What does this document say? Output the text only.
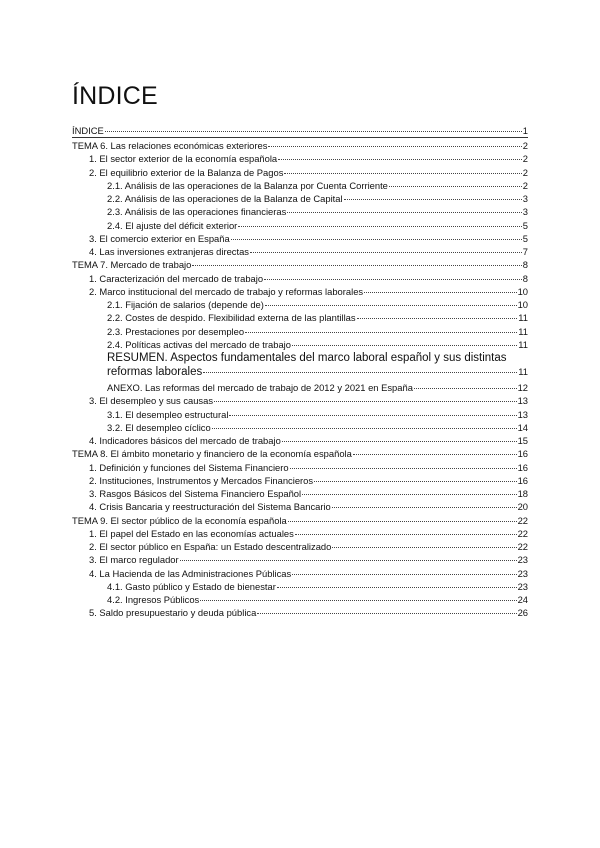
ÍNDICE
ÍNDICE	1
TEMA 6. Las relaciones económicas exteriores	2
1. El sector exterior de la economía española	2
2. El equilibrio exterior de la Balanza de Pagos	2
2.1. Análisis de las operaciones de la Balanza por Cuenta Corriente	2
2.2. Análisis de las operaciones de la Balanza de Capital	3
2.3. Análisis de las operaciones financieras	3
2.4. El ajuste del déficit exterior	5
3. El comercio exterior en España	5
4. Las inversiones extranjeras directas	7
TEMA 7. Mercado de trabajo	8
1. Caracterización del mercado de trabajo	8
2. Marco institucional del mercado de trabajo y reformas laborales	10
2.1. Fijación de salarios (depende de)	10
2.2. Costes de despido. Flexibilidad externa de las plantillas	11
2.3. Prestaciones por desempleo	11
2.4. Políticas activas del mercado de trabajo	11
RESUMEN. Aspectos fundamentales del marco laboral español y sus distintas
reformas laborales	11
ANEXO. Las reformas del mercado de trabajo de 2012 y 2021 en España	12
3. El desempleo y sus causas	13
3.1. El desempleo estructural	13
3.2. El desempleo cíclico	14
4. Indicadores básicos del mercado de trabajo	15
TEMA 8. El ámbito monetario y financiero de la economía española	16
1. Definición y funciones del Sistema Financiero	16
2. Instituciones, Instrumentos y Mercados Financieros	16
3. Rasgos Básicos del Sistema Financiero Español	18
4. Crisis Bancaria y reestructuración del Sistema Bancario	20
TEMA 9. El sector público de la economía española	22
1. El papel del Estado en las economías actuales	22
2. El sector público en España: un Estado descentralizado	22
3. El marco regulador	23
4. La Hacienda de las Administraciones Públicas	23
4.1. Gasto público y Estado de bienestar	23
4.2. Ingresos Públicos	24
5. Saldo presupuestario y deuda pública	26
